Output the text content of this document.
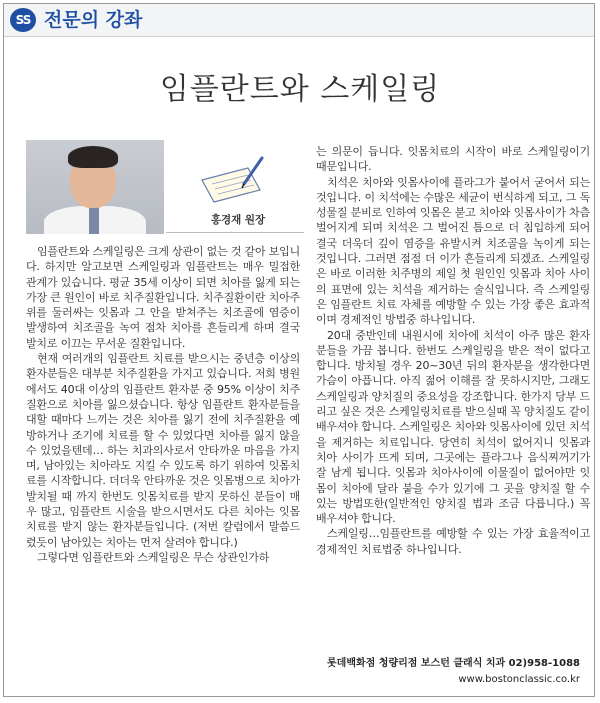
SS 전문의 강좌
임플란트와 스케일링
홍경재 원장

임플란트와 스케일링은 크게 상관이 없는 것 같아 보입니다. 하지만 알고보면 스케일링과 임플란트는 매우 밀접한 관계가 있습니다. 평균 35세 이상이 되면 치아를 잃게 되는 가장 큰 원인이 바로 치주질환입니다. 치주질환이란 치아주위를 둘러싸는 잇몸과 그 안을 받쳐주는 치조골에 염증이 발생하여 치조골을 녹여 점차 치아를 흔들리게 하며 결국 발치로 이끄는 무서운 질환입니다.

현재 여러개의 임플란트 치료를 받으시는 중년층 이상의 환자분들은 대부분 치주질환을 가지고 있습니다. 저희 병원에서도 40대 이상의 임플란트 환자분 중 95% 이상이 치주질환으로 치아를 잃으셨습니다. 항상 임플란트 환자분들을 대할 때마다 느끼는 것은 치아를 잃기 전에 치주질환을 예방하거나 조기에 치료를 할 수 있었다면 치아를 잃지 않을 수 있었을텐데… 하는 치과의사로서 안타까운 마음을 가지며, 남아있는 치아라도 지킬 수 있도록 하기 위하여 잇몸치료를 시작합니다. 더더욱 안타까운 것은 잇몸병으로 치아가 발치될 때 까지 한번도 잇몸치료를 받지 못하신 분들이 매우 많고, 임플란트 시술을 받으시면서도 다른 치아는 잇몸 치료를 받지 않는 환자분들입니다. (저번 칼럼에서 말씀드렸듯이 남아있는 치아는 먼저 살려야 합니다.)

그렇다면 임플란트와 스케일링은 무슨 상관인가하

는 의문이 듭니다. 잇몸치료의 시작이 바로 스케일링이기 때문입니다.

치석은 치아와 잇몸사이에 플라그가 붙어서 굳어서 되는 것입니다. 이 치석에는 수많은 세균이 번식하게 되고, 그 독성물질 분비로 인하여 잇몸은 붇고 치아와 잇몸사이가 차츰 벌어지게 되며 치석은 그 벌어진 틈으로 더 침입하게 되어 결국 더욱더 깊이 염증을 유발시켜 치조골을 녹이게 되는 것입니다. 그러면 점점 더 이가 흔들리게 되겠죠. 스케일링은 바로 이러한 치주병의 제일 첫 원인인 잇몸과 치아 사이의 표면에 있는 치석을 제거하는 술식입니다. 즉 스케일링은 임플란트 치료 자체를 예방할 수 있는 가장 좋은 효과적이며 경제적인 방법중 하나입니다.

20대 중반인데 내원시에 치아에 치석이 아주 많은 환자분들을 가끔 봅니다. 한번도 스케일링을 받은 적이 없다고 합니다. 방치될 경우 20~30년 뒤의 환자분을 생각한다면 가슴이 아픕니다. 아직 젊어 이해를 잘 못하시지만, 그래도 스케일링과 양치질의 중요성을 강조합니다. 한가지 당부 드리고 싶은 것은 스케일링치료를 받으실때 꼭 양치질도 같이 배우셔야 합니다. 스케일링은 치아와 잇몸사이에 있던 치석을 제거하는 치료입니다. 당연히 치석이 없어지니 잇몸과 치아 사이가 뜨게 되며, 그곳에는 플라그나 음식찌꺼기가 잘 남게 됩니다. 잇몸과 치아사이에 이물질이 없어야만 잇몸이 치아에 달라 붙을 수가 있기에 그 곳을 양치질 할 수 있는 방법또한(일반적인 양치질 법과 조금 다릅니다.) 꼭 배우셔야 합니다.

스케일링…임플란트를 예방할 수 있는 가장 효율적이고 경제적인 치료법중 하나입니다.

롯데백화점 청량리점 보스턴 클래식 치과 02)958-1088
www.bostonclassic.co.kr
